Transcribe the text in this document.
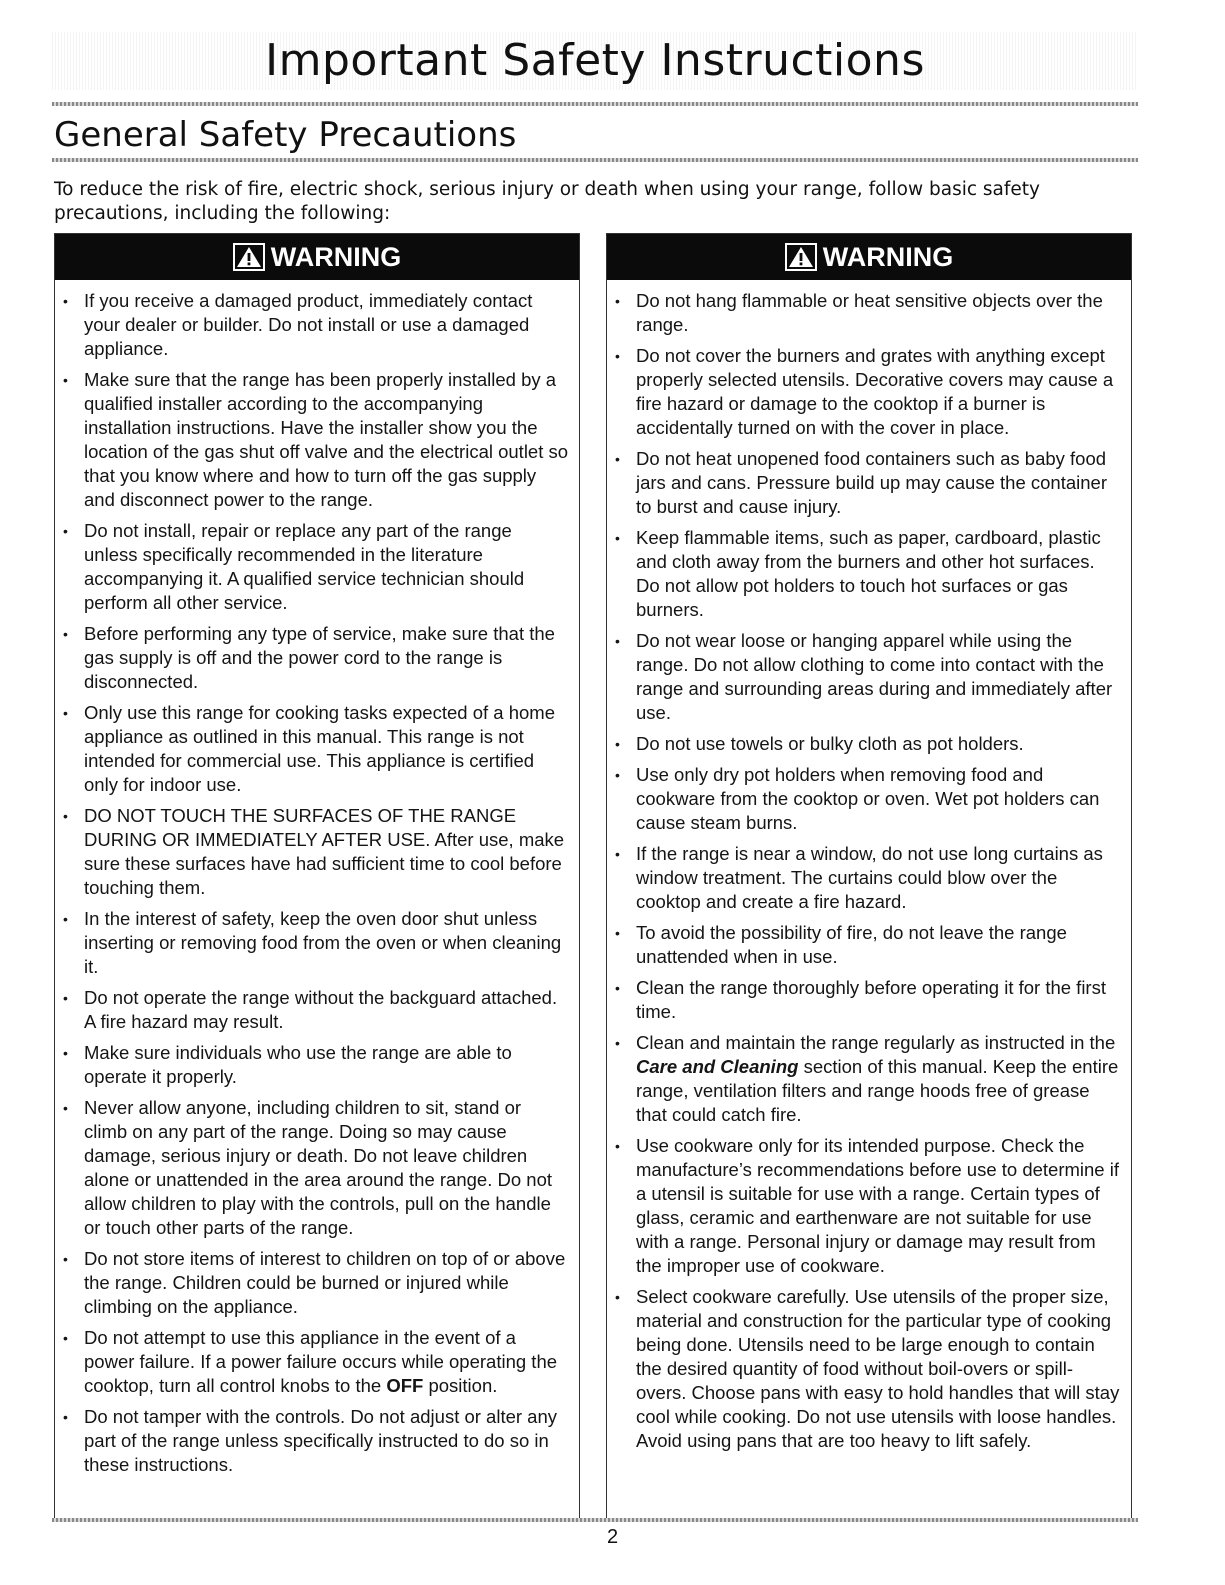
Important Safety Instructions
General Safety Precautions
To reduce the risk of fire, electric shock, serious injury or death when using your range, follow basic safety precautions, including the following:
WARNING
• If you receive a damaged product, immediately contact your dealer or builder. Do not install or use a damaged appliance.
• Make sure that the range has been properly installed by a qualified installer according to the accompanying installation instructions. Have the installer show you the location of the gas shut off valve and the electrical outlet so that you know where and how to turn off the gas supply and disconnect power to the range.
• Do not install, repair or replace any part of the range unless specifically recommended in the literature accompanying it. A qualified service technician should perform all other service.
• Before performing any type of service, make sure that the gas supply is off and the power cord to the range is disconnected.
• Only use this range for cooking tasks expected of a home appliance as outlined in this manual. This range is not intended for commercial use. This appliance is certified only for indoor use.
• DO NOT TOUCH THE SURFACES OF THE RANGE DURING OR IMMEDIATELY AFTER USE. After use, make sure these surfaces have had sufficient time to cool before touching them.
• In the interest of safety, keep the oven door shut unless inserting or removing food from the oven or when cleaning it.
• Do not operate the range without the backguard attached. A fire hazard may result.
• Make sure individuals who use the range are able to operate it properly.
• Never allow anyone, including children to sit, stand or climb on any part of the range. Doing so may cause damage, serious injury or death. Do not leave children alone or unattended in the area around the range. Do not allow children to play with the controls, pull on the handle or touch other parts of the range.
• Do not store items of interest to children on top of or above the range. Children could be burned or injured while climbing on the appliance.
• Do not attempt to use this appliance in the event of a power failure. If a power failure occurs while operating the cooktop, turn all control knobs to the OFF position.
• Do not tamper with the controls. Do not adjust or alter any part of the range unless specifically instructed to do so in these instructions.
WARNING
• Do not hang flammable or heat sensitive objects over the range.
• Do not cover the burners and grates with anything except properly selected utensils. Decorative covers may cause a fire hazard or damage to the cooktop if a burner is accidentally turned on with the cover in place.
• Do not heat unopened food containers such as baby food jars and cans. Pressure build up may cause the container to burst and cause injury.
• Keep flammable items, such as paper, cardboard, plastic and cloth away from the burners and other hot surfaces. Do not allow pot holders to touch hot surfaces or gas burners.
• Do not wear loose or hanging apparel while using the range. Do not allow clothing to come into contact with the range and surrounding areas during and immediately after use.
• Do not use towels or bulky cloth as pot holders.
• Use only dry pot holders when removing food and cookware from the cooktop or oven. Wet pot holders can cause steam burns.
• If the range is near a window, do not use long curtains as window treatment. The curtains could blow over the cooktop and create a fire hazard.
• To avoid the possibility of fire, do not leave the range unattended when in use.
• Clean the range thoroughly before operating it for the first time.
• Clean and maintain the range regularly as instructed in the Care and Cleaning section of this manual. Keep the entire range, ventilation filters and range hoods free of grease that could catch fire.
• Use cookware only for its intended purpose. Check the manufacture’s recommendations before use to determine if a utensil is suitable for use with a range. Certain types of glass, ceramic and earthenware are not suitable for use with a range. Personal injury or damage may result from the improper use of cookware.
• Select cookware carefully. Use utensils of the proper size, material and construction for the particular type of cooking being done. Utensils need to be large enough to contain the desired quantity of food without boil-overs or spill-overs. Choose pans with easy to hold handles that will stay cool while cooking. Do not use utensils with loose handles. Avoid using pans that are too heavy to lift safely.
2
